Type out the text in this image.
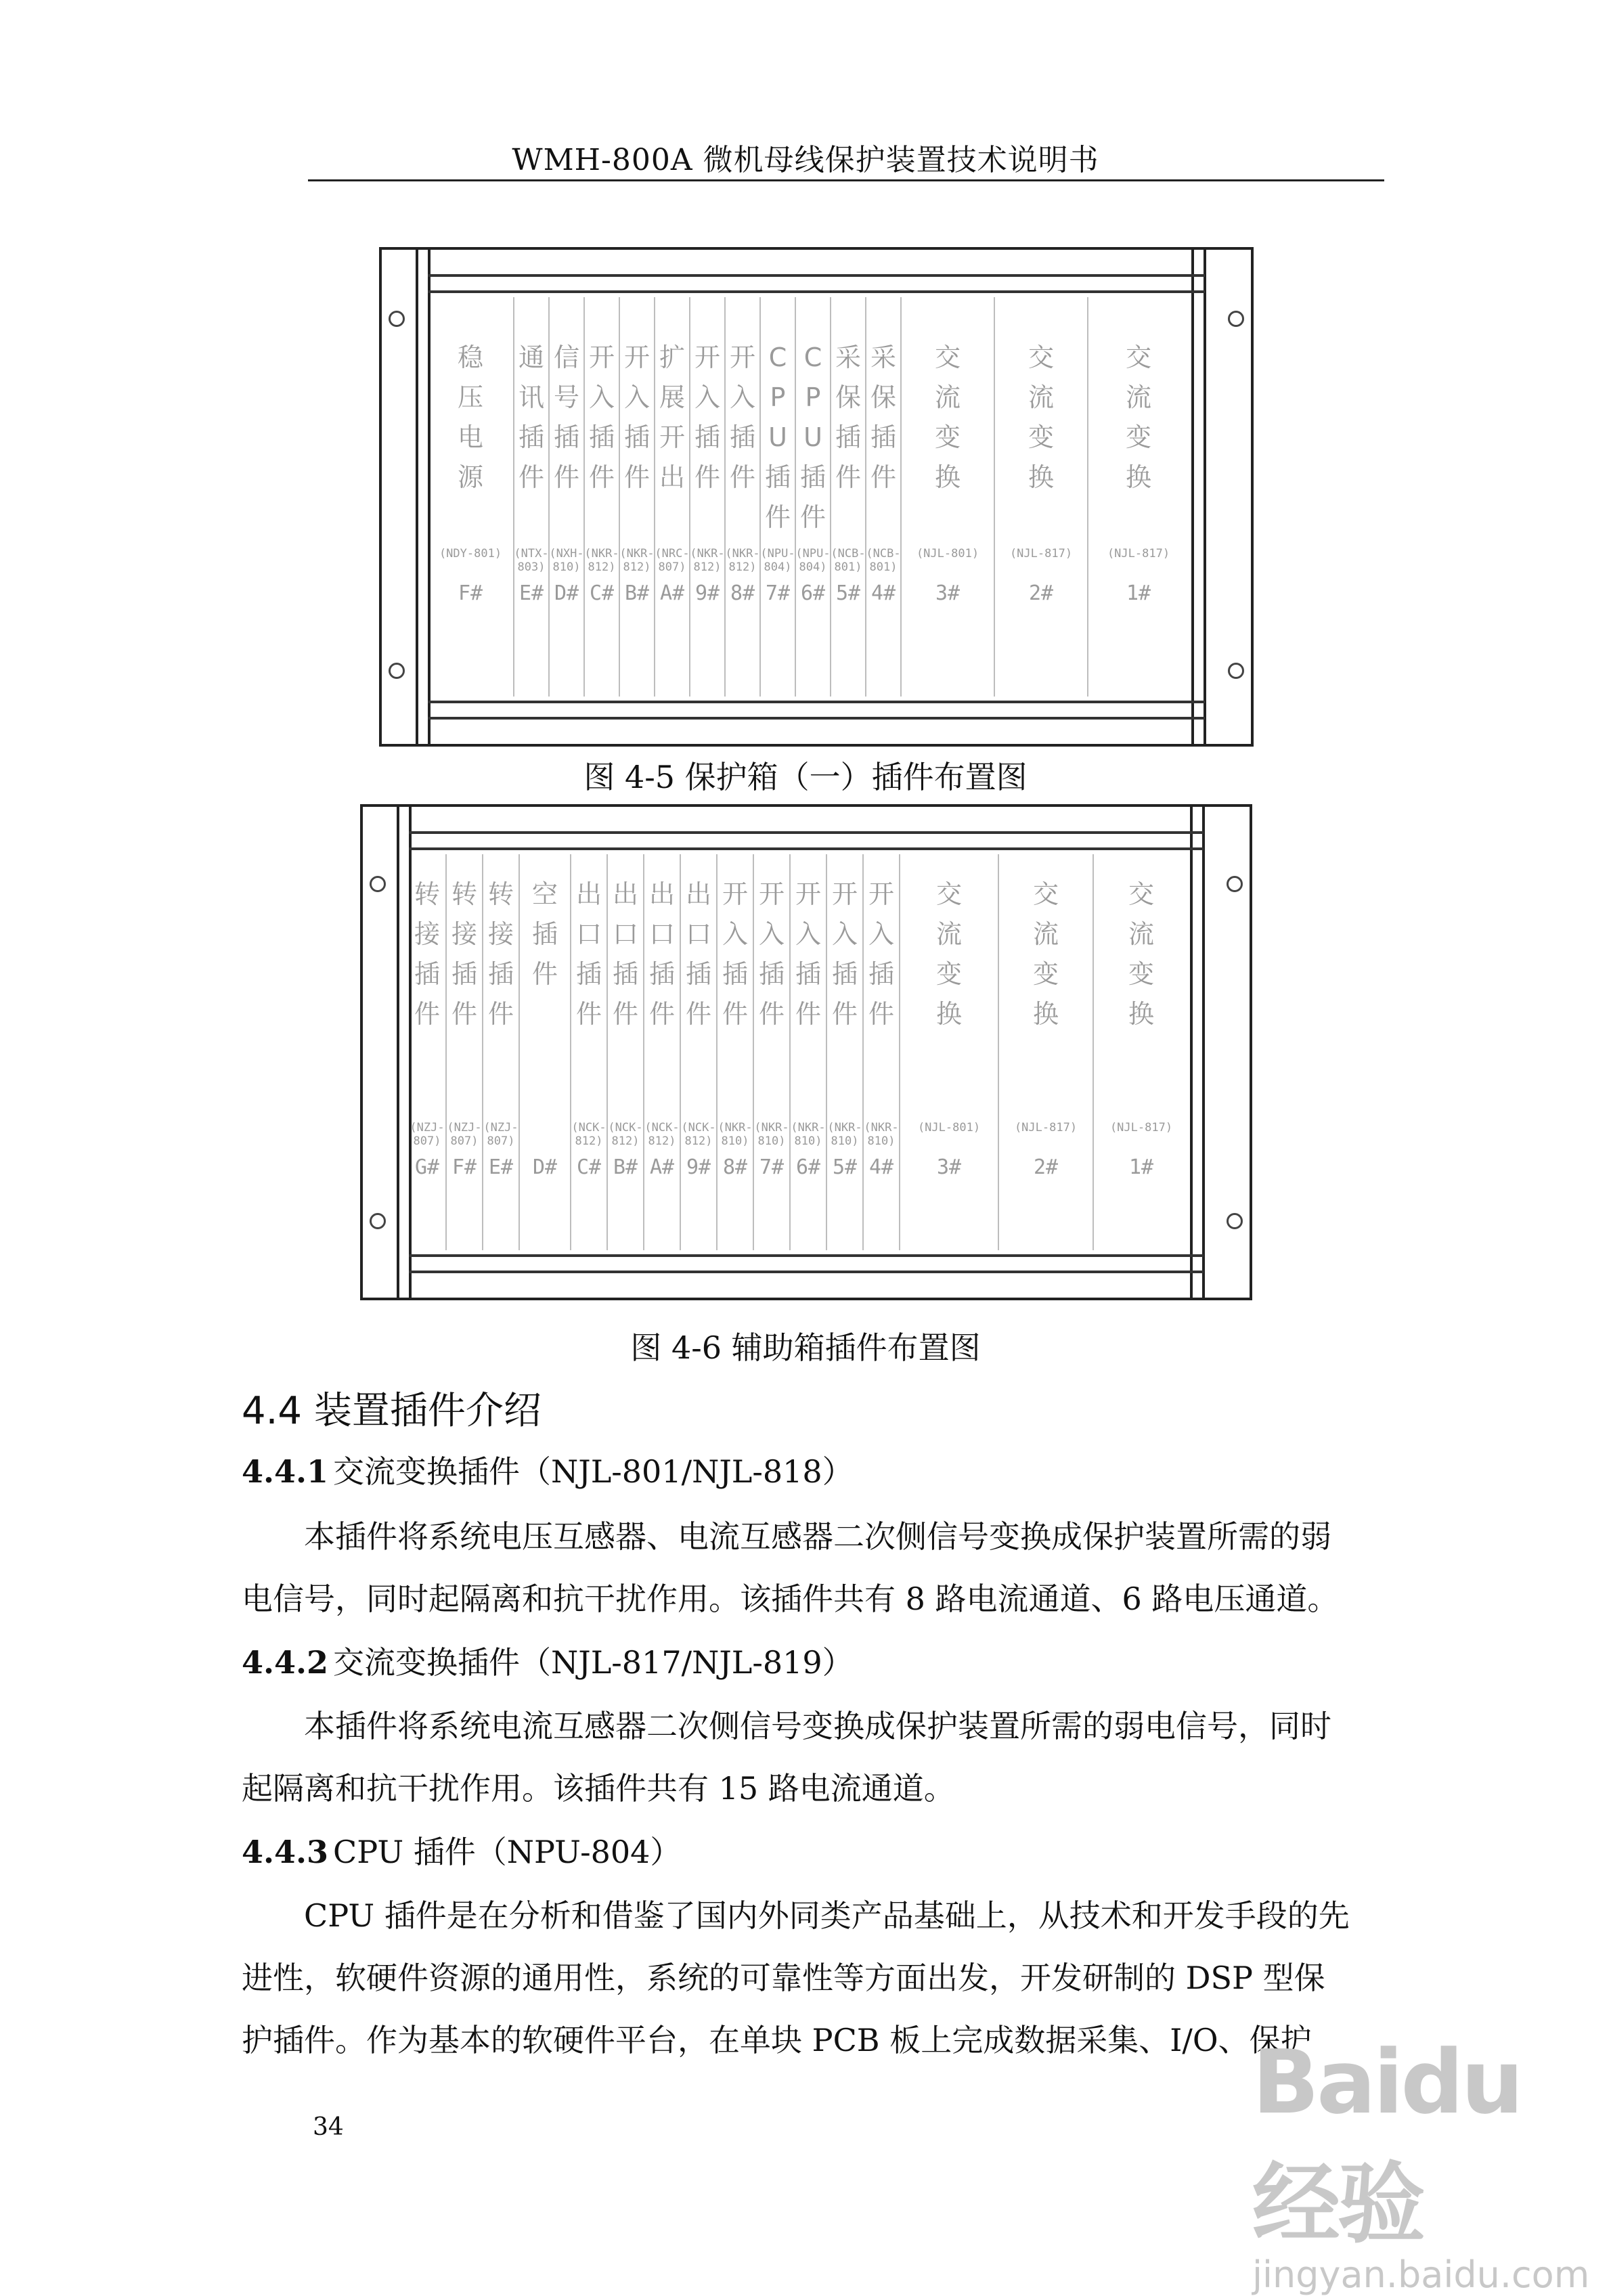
WMH-800A 微机母线保护装置技术说明书
稳
压
电
源
(NDY-801)
F#
通
讯
插
件
(NTX-
803)
E#
信
号
插
件
(NXH-
810)
D#
开
入
插
件
(NKR-
812)
C#
开
入
插
件
(NKR-
812)
B#
扩
展
开
出
(NRC-
807)
A#
开
入
插
件
(NKR-
812)
9#
开
入
插
件
(NKR-
812)
8#
C
P
U
插
件
(NPU-
804)
7#
C
P
U
插
件
(NPU-
804)
6#
采
保
插
件
(NCB-
801)
5#
采
保
插
件
(NCB-
801)
4#
交
流
变
换
(NJL-801)
3#
交
流
变
换
(NJL-817)
2#
交
流
变
换
(NJL-817)
1#
图 4-5 保护箱（一）插件布置图
转
接
插
件
(NZJ-
807)
G#
转
接
插
件
(NZJ-
807)
F#
转
接
插
件
(NZJ-
807)
E#
空
插
件
D#
出
口
插
件
(NCK-
812)
C#
出
口
插
件
(NCK-
812)
B#
出
口
插
件
(NCK-
812)
A#
出
口
插
件
(NCK-
812)
9#
开
入
插
件
(NKR-
810)
8#
开
入
插
件
(NKR-
810)
7#
开
入
插
件
(NKR-
810)
6#
开
入
插
件
(NKR-
810)
5#
开
入
插
件
(NKR-
810)
4#
交
流
变
换
(NJL-801)
3#
交
流
变
换
(NJL-817)
2#
交
流
变
换
(NJL-817)
1#
图 4-6 辅助箱插件布置图
4.4 装置插件介绍
4.4.1 交流变换插件（NJL-801/NJL-818）
本插件将系统电压互感器、电流互感器二次侧信号变换成保护装置所需的弱
电信号，同时起隔离和抗干扰作用。该插件共有 8 路电流通道、6 路电压通道。
4.4.2 交流变换插件（NJL-817/NJL-819）
本插件将系统电流互感器二次侧信号变换成保护装置所需的弱电信号，同时
起隔离和抗干扰作用。该插件共有 15 路电流通道。
4.4.3 CPU 插件（NPU-804）
CPU 插件是在分析和借鉴了国内外同类产品基础上，从技术和开发手段的先
进性，软硬件资源的通用性，系统的可靠性等方面出发，开发研制的 DSP 型保
护插件。作为基本的软硬件平台，在单块 PCB 板上完成数据采集、I/O、保护
34	Baidu经验
jingyan.baidu.com
